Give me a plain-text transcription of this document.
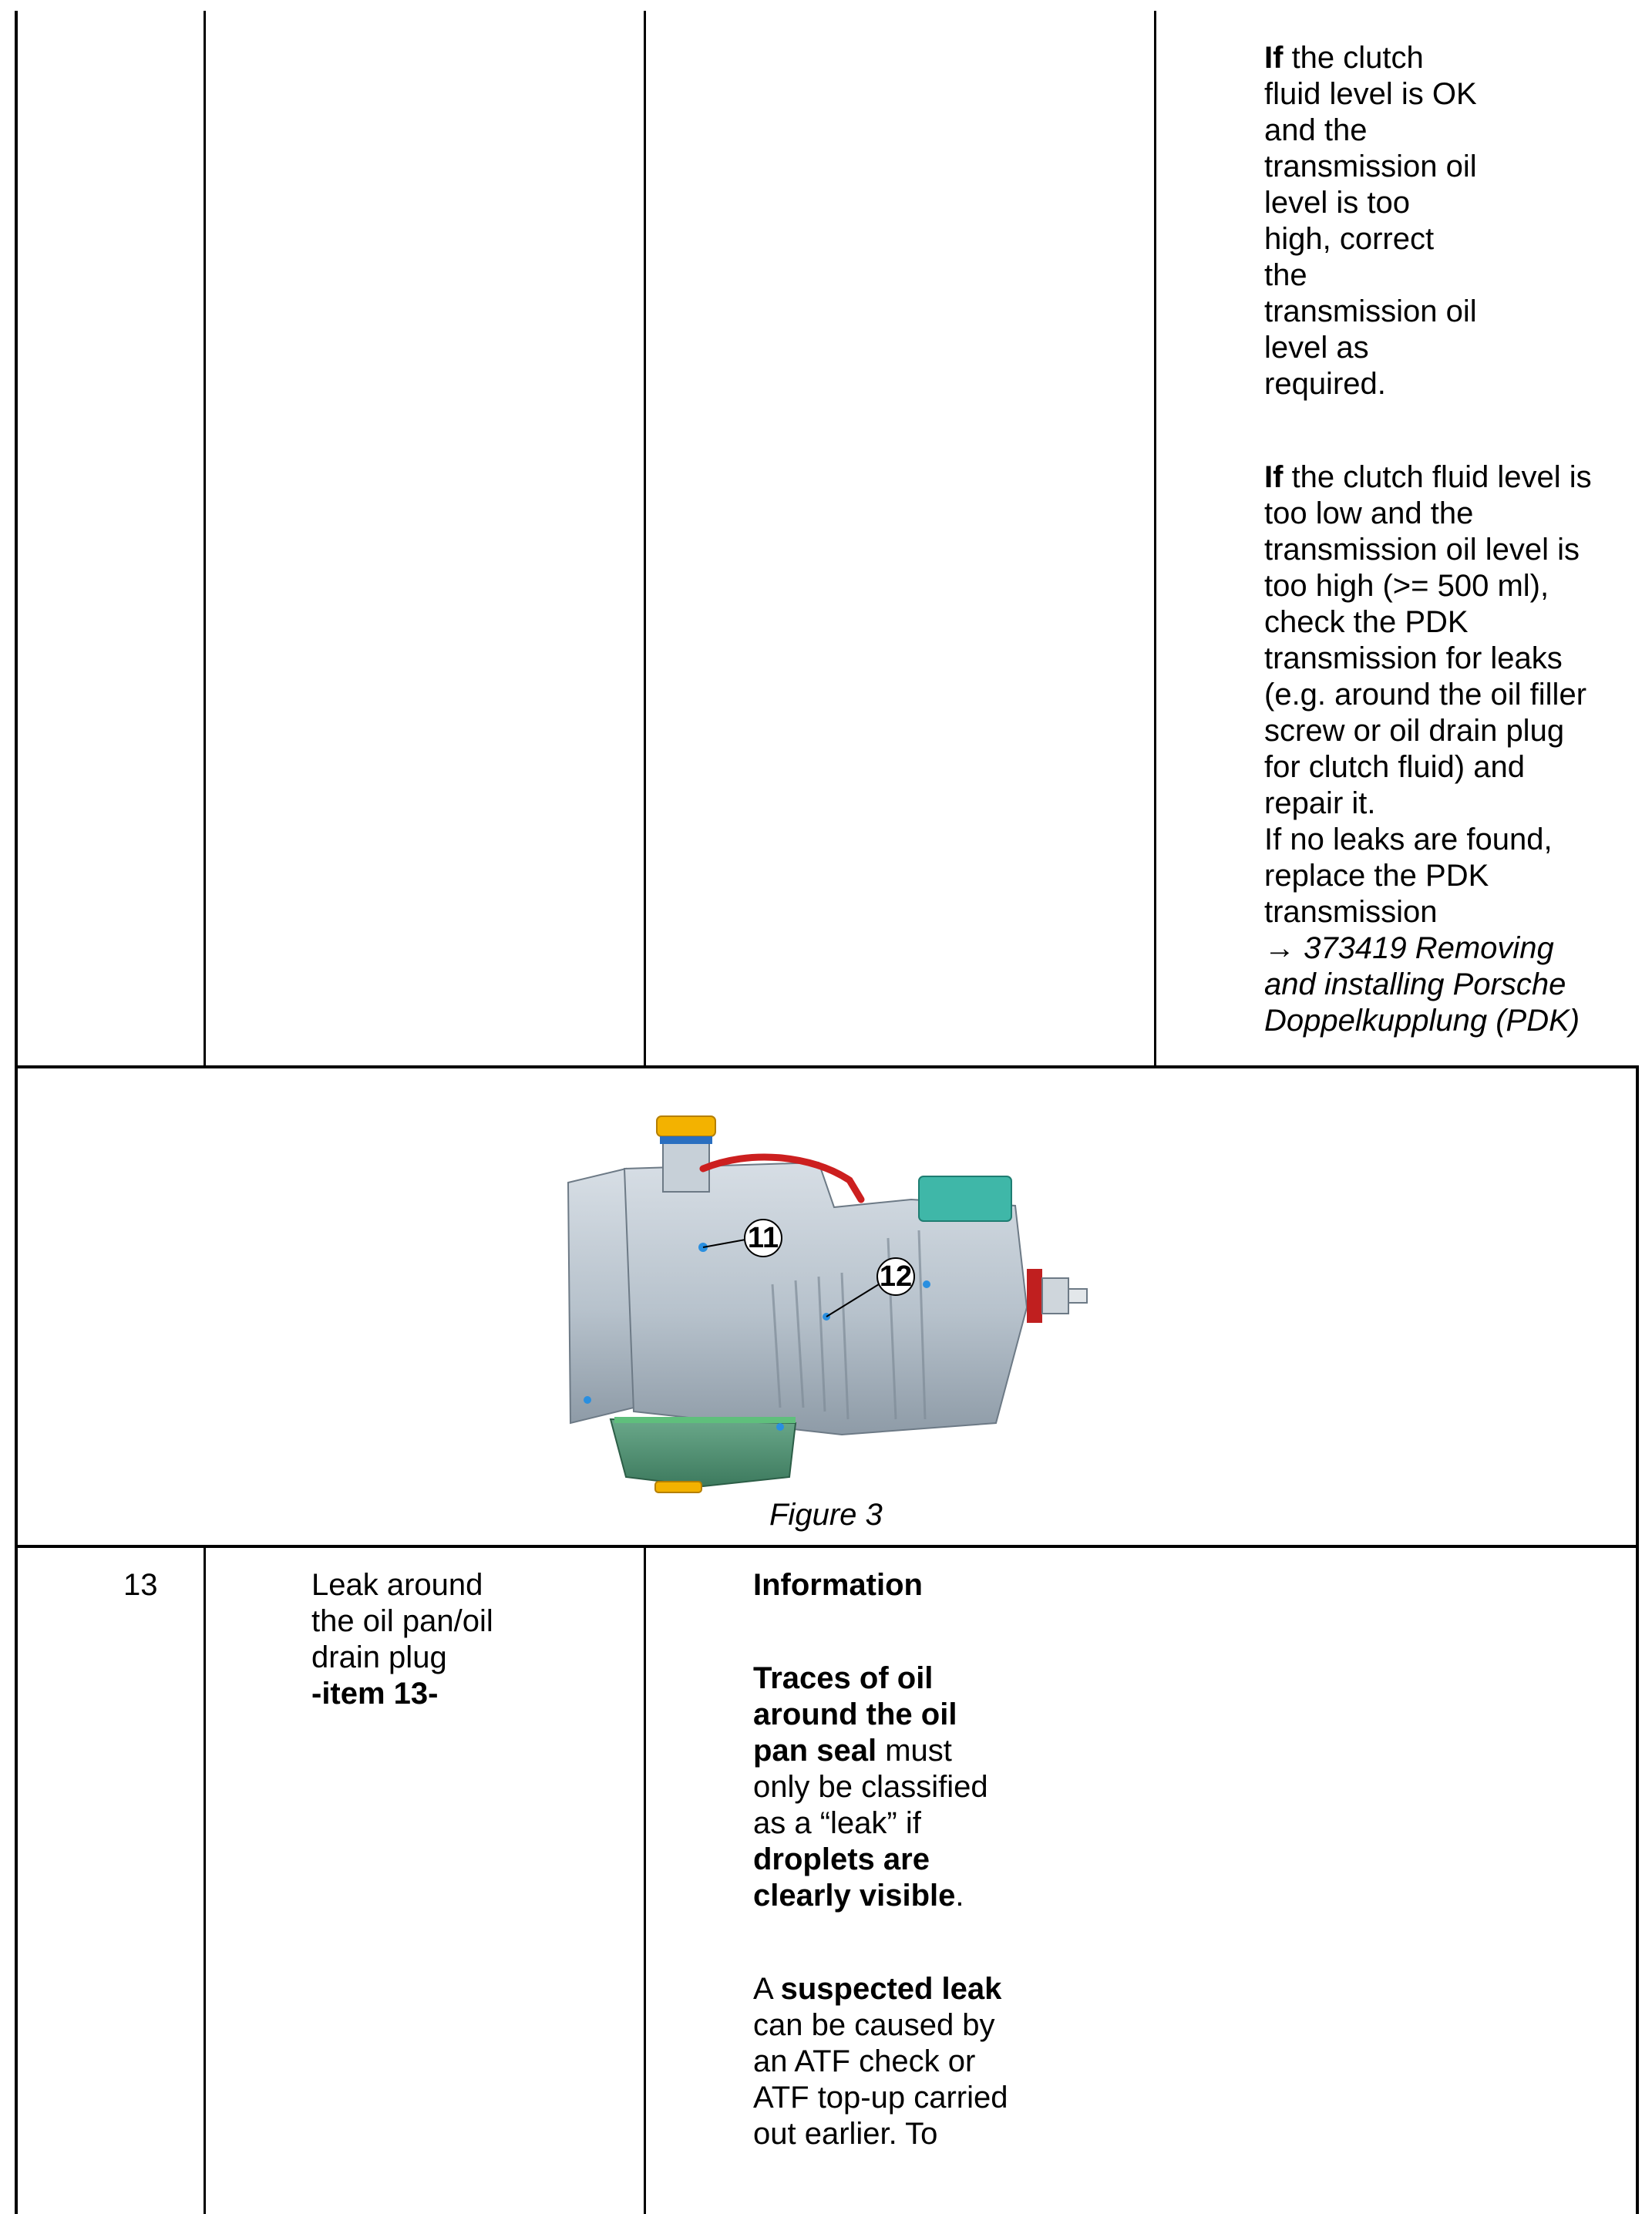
If the clutch
fluid level is OK
and the
transmission oil
level is too
high, correct
the
transmission oil
level as
required.

If the clutch fluid level is
too low and the
transmission oil level is
too high (>= 500 ml),
check the PDK
transmission for leaks
(e.g. around the oil filler
screw or oil drain plug
for clutch fluid) and
repair it.
If no leaks are found,
replace the PDK
transmission
→ 373419 Removing
and installing Porsche
Doppelkupplung (PDK)

11
12
Figure 3
13	Leak around
the oil pan/oil
drain plug
-item 13-

Information

Traces of oil
around the oil
pan seal must
only be classified
as a “leak” if
droplets are
clearly visible.

A suspected leak
can be caused by
an ATF check or
ATF top-up carried
out earlier. To
